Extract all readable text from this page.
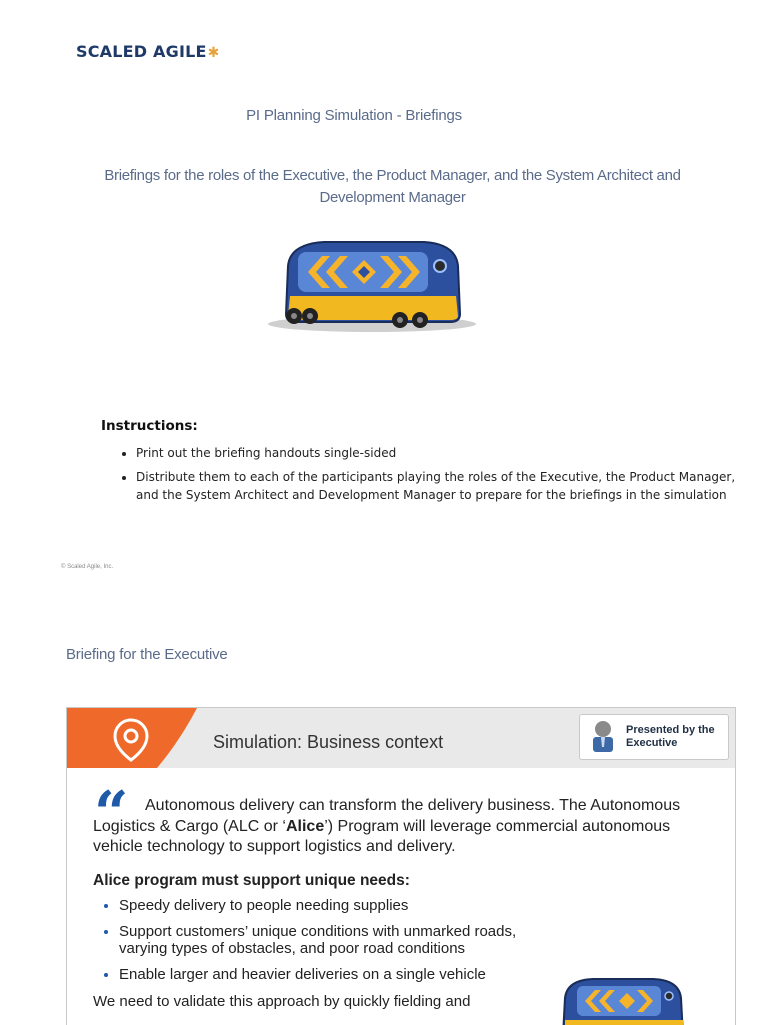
SCALED AGILE✱
PI Planning Simulation - Briefings
Briefings for the roles of the Executive, the Product Manager, and the System Architect and Development Manager
Instructions:
• Print out the briefing handouts single-sided
• Distribute them to each of the participants playing the roles of the Executive, the Product Manager, and the System Architect and Development Manager to prepare for the briefings in the simulation
© Scaled Agile, Inc.
Briefing for the Executive
Simulation: Business context
Presented by the
Executive
“	Autonomous delivery can transform the delivery business. The Autonomous Logistics & Cargo (ALC or ‘Alice’) Program will leverage commercial autonomous vehicle technology to support logistics and delivery.

Alice program must support unique needs:
• Speedy delivery to people needing supplies
• Support customers’ unique conditions with unmarked roads, varying types of obstacles, and poor road conditions
• Enable larger and heavier deliveries on a single vehicle

We need to validate this approach by quickly fielding and
